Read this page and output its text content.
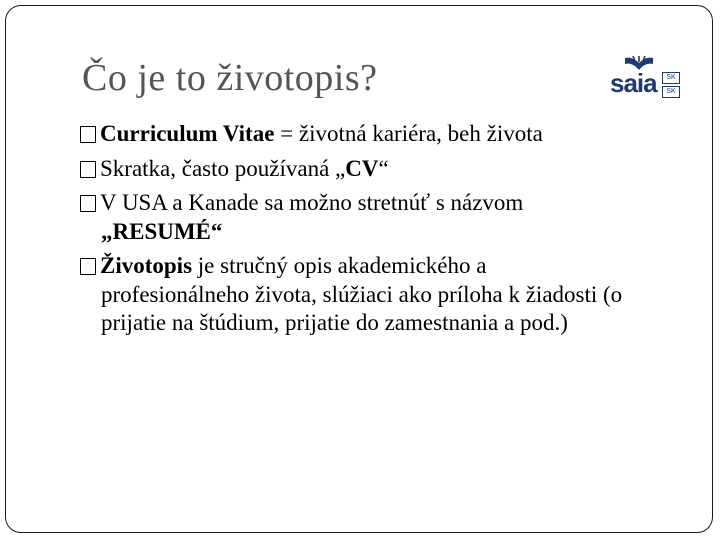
Čo je to životopis?	saia	SK
SK

Curriculum Vitae = životná kariéra, beh života

Skratka, často používaná „CV“

V USA a Kanade sa možno stretnúť s názvom „RESUMÉ“

Životopis je stručný opis akademického a profesionálneho života, slúžiaci ako príloha k žiadosti (o prijatie na štúdium, prijatie do zamestnania a pod.)
